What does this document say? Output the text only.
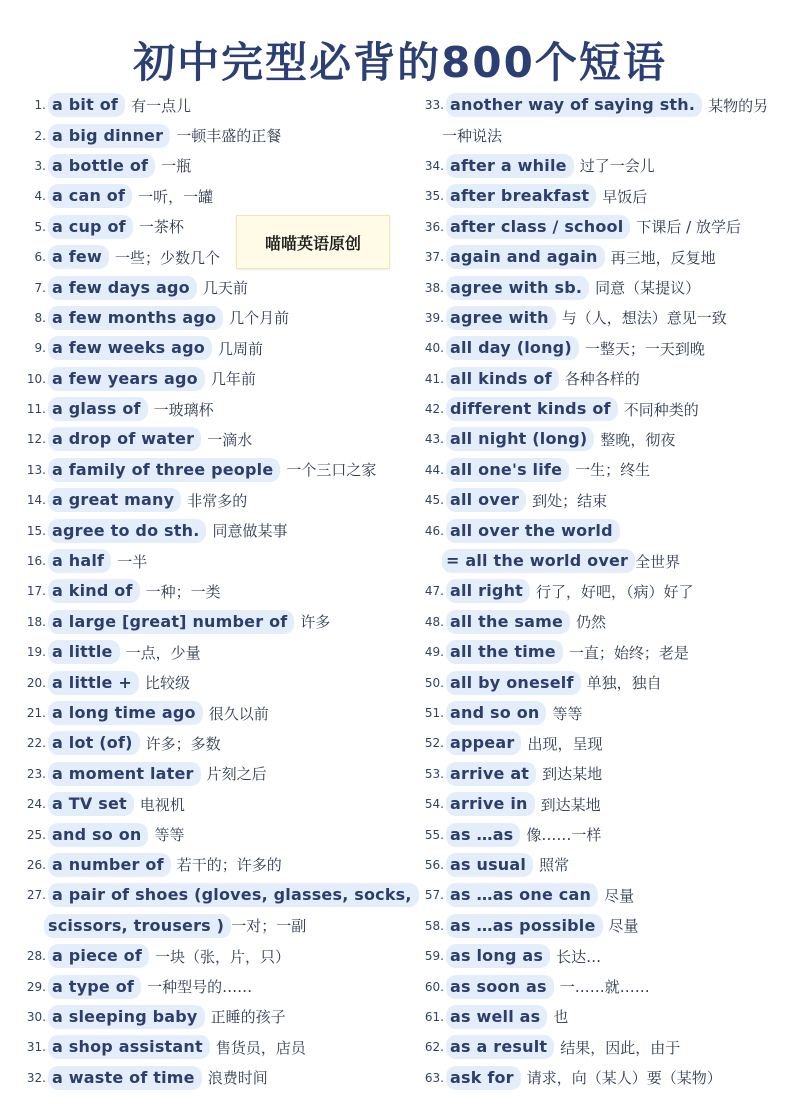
初中完型必背的800个短语
1. a bit of 有一点儿
2. a big dinner 一顿丰盛的正餐
3. a bottle of 一瓶
4. a can of 一听，一罐
5. a cup of 一茶杯
6. a few 一些；少数几个
7. a few days ago 几天前
8. a few months ago 几个月前
9. a few weeks ago 几周前
10. a few years ago 几年前
11. a glass of 一玻璃杯
12. a drop of water 一滴水
13. a family of three people 一个三口之家
14. a great many 非常多的
15. agree to do sth. 同意做某事
16. a half 一半
17. a kind of 一种；一类
18. a large [great] number of 许多
19. a little 一点，少量
20. a little + 比较级
21. a long time ago 很久以前
22. a lot (of) 许多；多数
23. a moment later 片刻之后
24. a TV set 电视机
25. and so on 等等
26. a number of 若干的；许多的
27. a pair of shoes (gloves, glasses, socks,
scissors, trousers ) 一对；一副
28. a piece of 一块（张，片，只）
29. a type of 一种型号的……
30. a sleeping baby 正睡的孩子
31. a shop assistant 售货员，店员
32. a waste of time 浪费时间
33. another way of saying sth. 某物的另
一种说法
34. after a while 过了一会儿
35. after breakfast 早饭后
36. after class / school 下课后 / 放学后
37. again and again 再三地，反复地
38. agree with sb. 同意（某提议）
39. agree with 与（人，想法）意见一致
40. all day (long) 一整天；一天到晚
41. all kinds of 各种各样的
42. different kinds of 不同种类的
43. all night (long) 整晚，彻夜
44. all one's life 一生；终生
45. all over 到处；结束
46. all over the world
= all the world over 全世界
47. all right 行了，好吧，（病）好了
48. all the same 仍然
49. all the time 一直；始终；老是
50. all by oneself 单独，独自
51. and so on 等等
52. appear 出现，呈现
53. arrive at 到达某地
54. arrive in 到达某地
55. as …as 像……一样
56. as usual 照常
57. as …as one can 尽量
58. as …as possible 尽量
59. as long as 长达…
60. as soon as 一……就……
61. as well as 也
62. as a result 结果，因此，由于
63. ask for 请求，向（某人）要（某物）
喵喵英语原创
